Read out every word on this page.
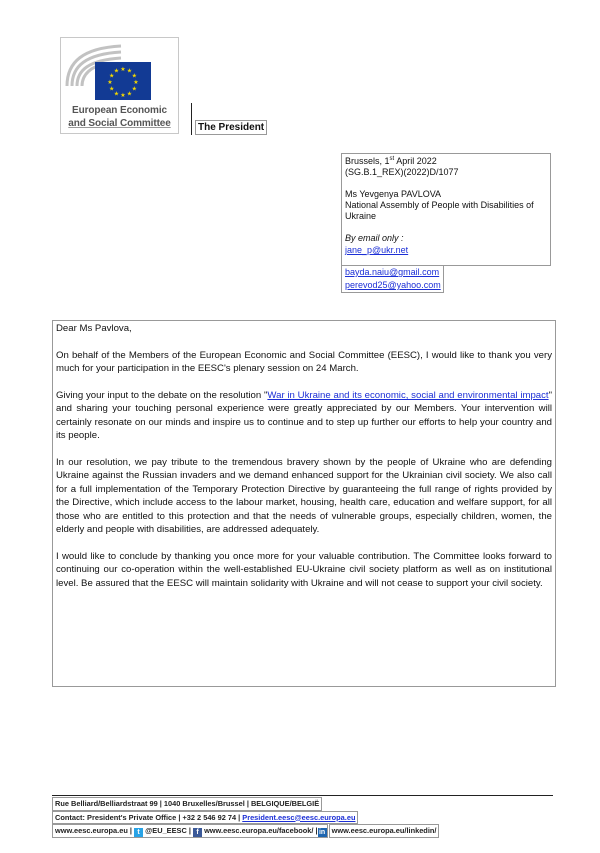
★ ★
★
★
★
★
★
★
★
★
★
★
European Economic
and Social Committee	The President
Brussels, 1st April 2022
(SG.B.1_REX)(2022)D/1077
Ms Yevgenya PAVLOVA
National Assembly of People with Disabilities of
Ukraine
By email only :
jane_p@ukr.net
bayda.naiu@gmail.com
perevod25@yahoo.com

Dear Ms Pavlova,

On behalf of the Members of the European Economic and Social Committee (EESC), I would like to thank you very much for your participation in the EESC's plenary session on 24 March.

Giving your input to the debate on the resolution "War in Ukraine and its economic, social and environmental impact" and sharing your touching personal experience were greatly appreciated by our Members. Your intervention will certainly resonate on our minds and inspire us to continue and to step up further our efforts to help your country and its people.

In our resolution, we pay tribute to the tremendous bravery shown by the people of Ukraine who are defending Ukraine against the Russian invaders and we demand enhanced support for the Ukrainian civil society. We also call for a full implementation of the Temporary Protection Directive by guaranteeing the full range of rights provided by the Directive, which include access to the labour market, housing, health care, education and welfare support, for all those who are entitled to this protection and that the needs of vulnerable groups, especially children, women, the elderly and people with disabilities, are addressed adequately.

I would like to conclude by thanking you once more for your valuable contribution. The Committee looks forward to continuing our co-operation within the well-established EU-Ukraine civil society platform as well as on institutional level. Be assured that the EESC will maintain solidarity with Ukraine and will not cease to support your civil society.

Rue Belliard/Belliardstraat 99 | 1040 Bruxelles/Brussel | BELGIQUE/BELGIË
Contact: President's Private Office | +32 2 546 92 74 | President.eesc@eesc.europa.eu
www.eesc.europa.eu | t @EU_EESC | f www.eesc.europa.eu/facebook/ |in www.eesc.europa.eu/linkedin/
